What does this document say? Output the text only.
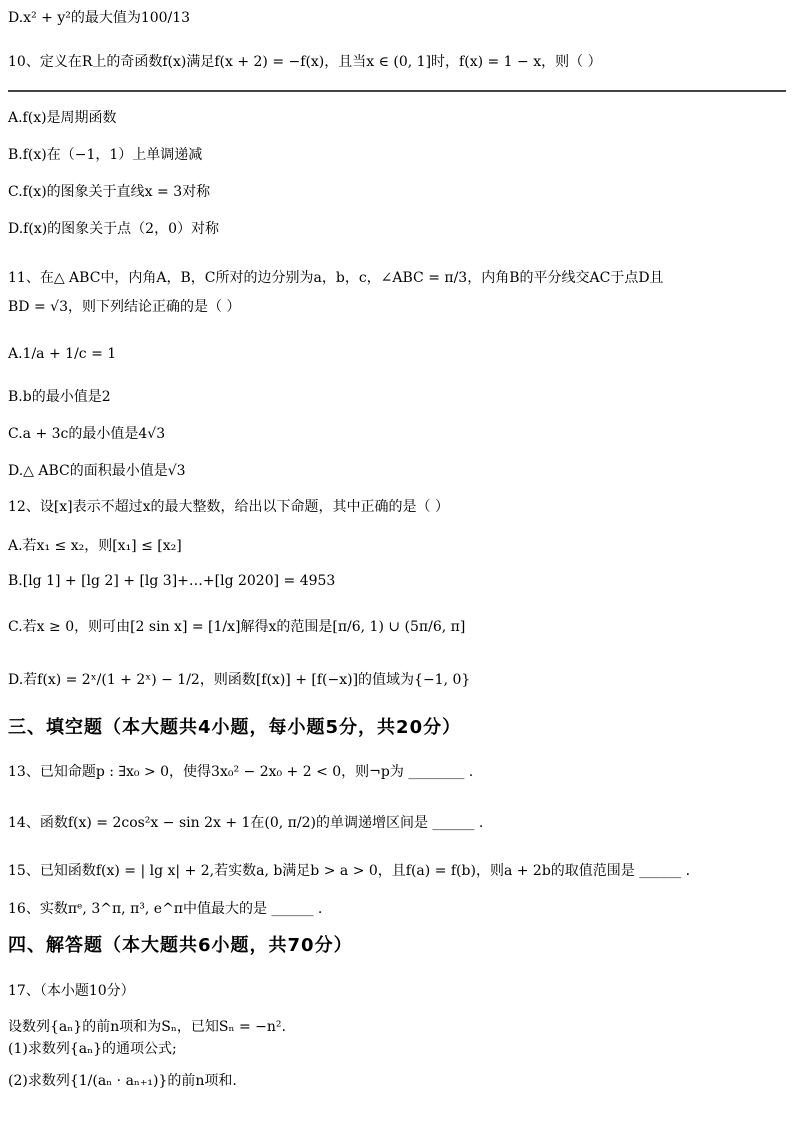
D.x² + y²的最大值为100/13
10、定义在R上的奇函数f(x)满足f(x + 2) = −f(x)，且当x ∈ (0, 1]时，f(x) = 1 − x，则（ ）
A.f(x)是周期函数
B.f(x)在（−1，1）上单调递减
C.f(x)的图象关于直线x = 3对称
D.f(x)的图象关于点（2，0）对称
11、在△ ABC中，内角A，B，C所对的边分别为a，b，c，∠ABC = π/3，内角B的平分线交AC于点D且
BD = √3，则下列结论正确的是（ ）
A.1/a + 1/c = 1
B.b的最小值是2
C.a + 3c的最小值是4√3
D.△ ABC的面积最小值是√3
12、设[x]表示不超过x的最大整数，给出以下命题，其中正确的是（ ）
A.若x₁ ≤ x₂，则[x₁] ≤ [x₂]
B.[lg 1] + [lg 2] + [lg 3]+…+[lg 2020] = 4953
C.若x ≥ 0，则可由[2 sin x] = [1/x]解得x的范围是[π/6, 1) ∪ (5π/6, π]
D.若f(x) = 2ˣ/(1 + 2ˣ) − 1/2，则函数[f(x)] + [f(−x)]的值域为{−1, 0}
三、填空题（本大题共4小题，每小题5分，共20分）
13、已知命题p : ∃x₀ > 0，使得3x₀² − 2x₀ + 2 < 0，则¬p为 ________ .
14、函数f(x) = 2cos²x − sin 2x + 1在(0, π/2)的单调递增区间是 ______ .
15、已知函数f(x) = | lg x| + 2,若实数a, b满足b > a > 0，且f(a) = f(b)，则a + 2b的取值范围是 ______ .
16、实数πᵉ, 3^π, π³, e^π中值最大的是 ______ .
四、解答题（本大题共6小题，共70分）
17、（本小题10分）
设数列{aₙ}的前n项和为Sₙ，已知Sₙ = −n².
(1)求数列{aₙ}的通项公式;
(2)求数列{1/(aₙ · aₙ₊₁)}的前n项和.
